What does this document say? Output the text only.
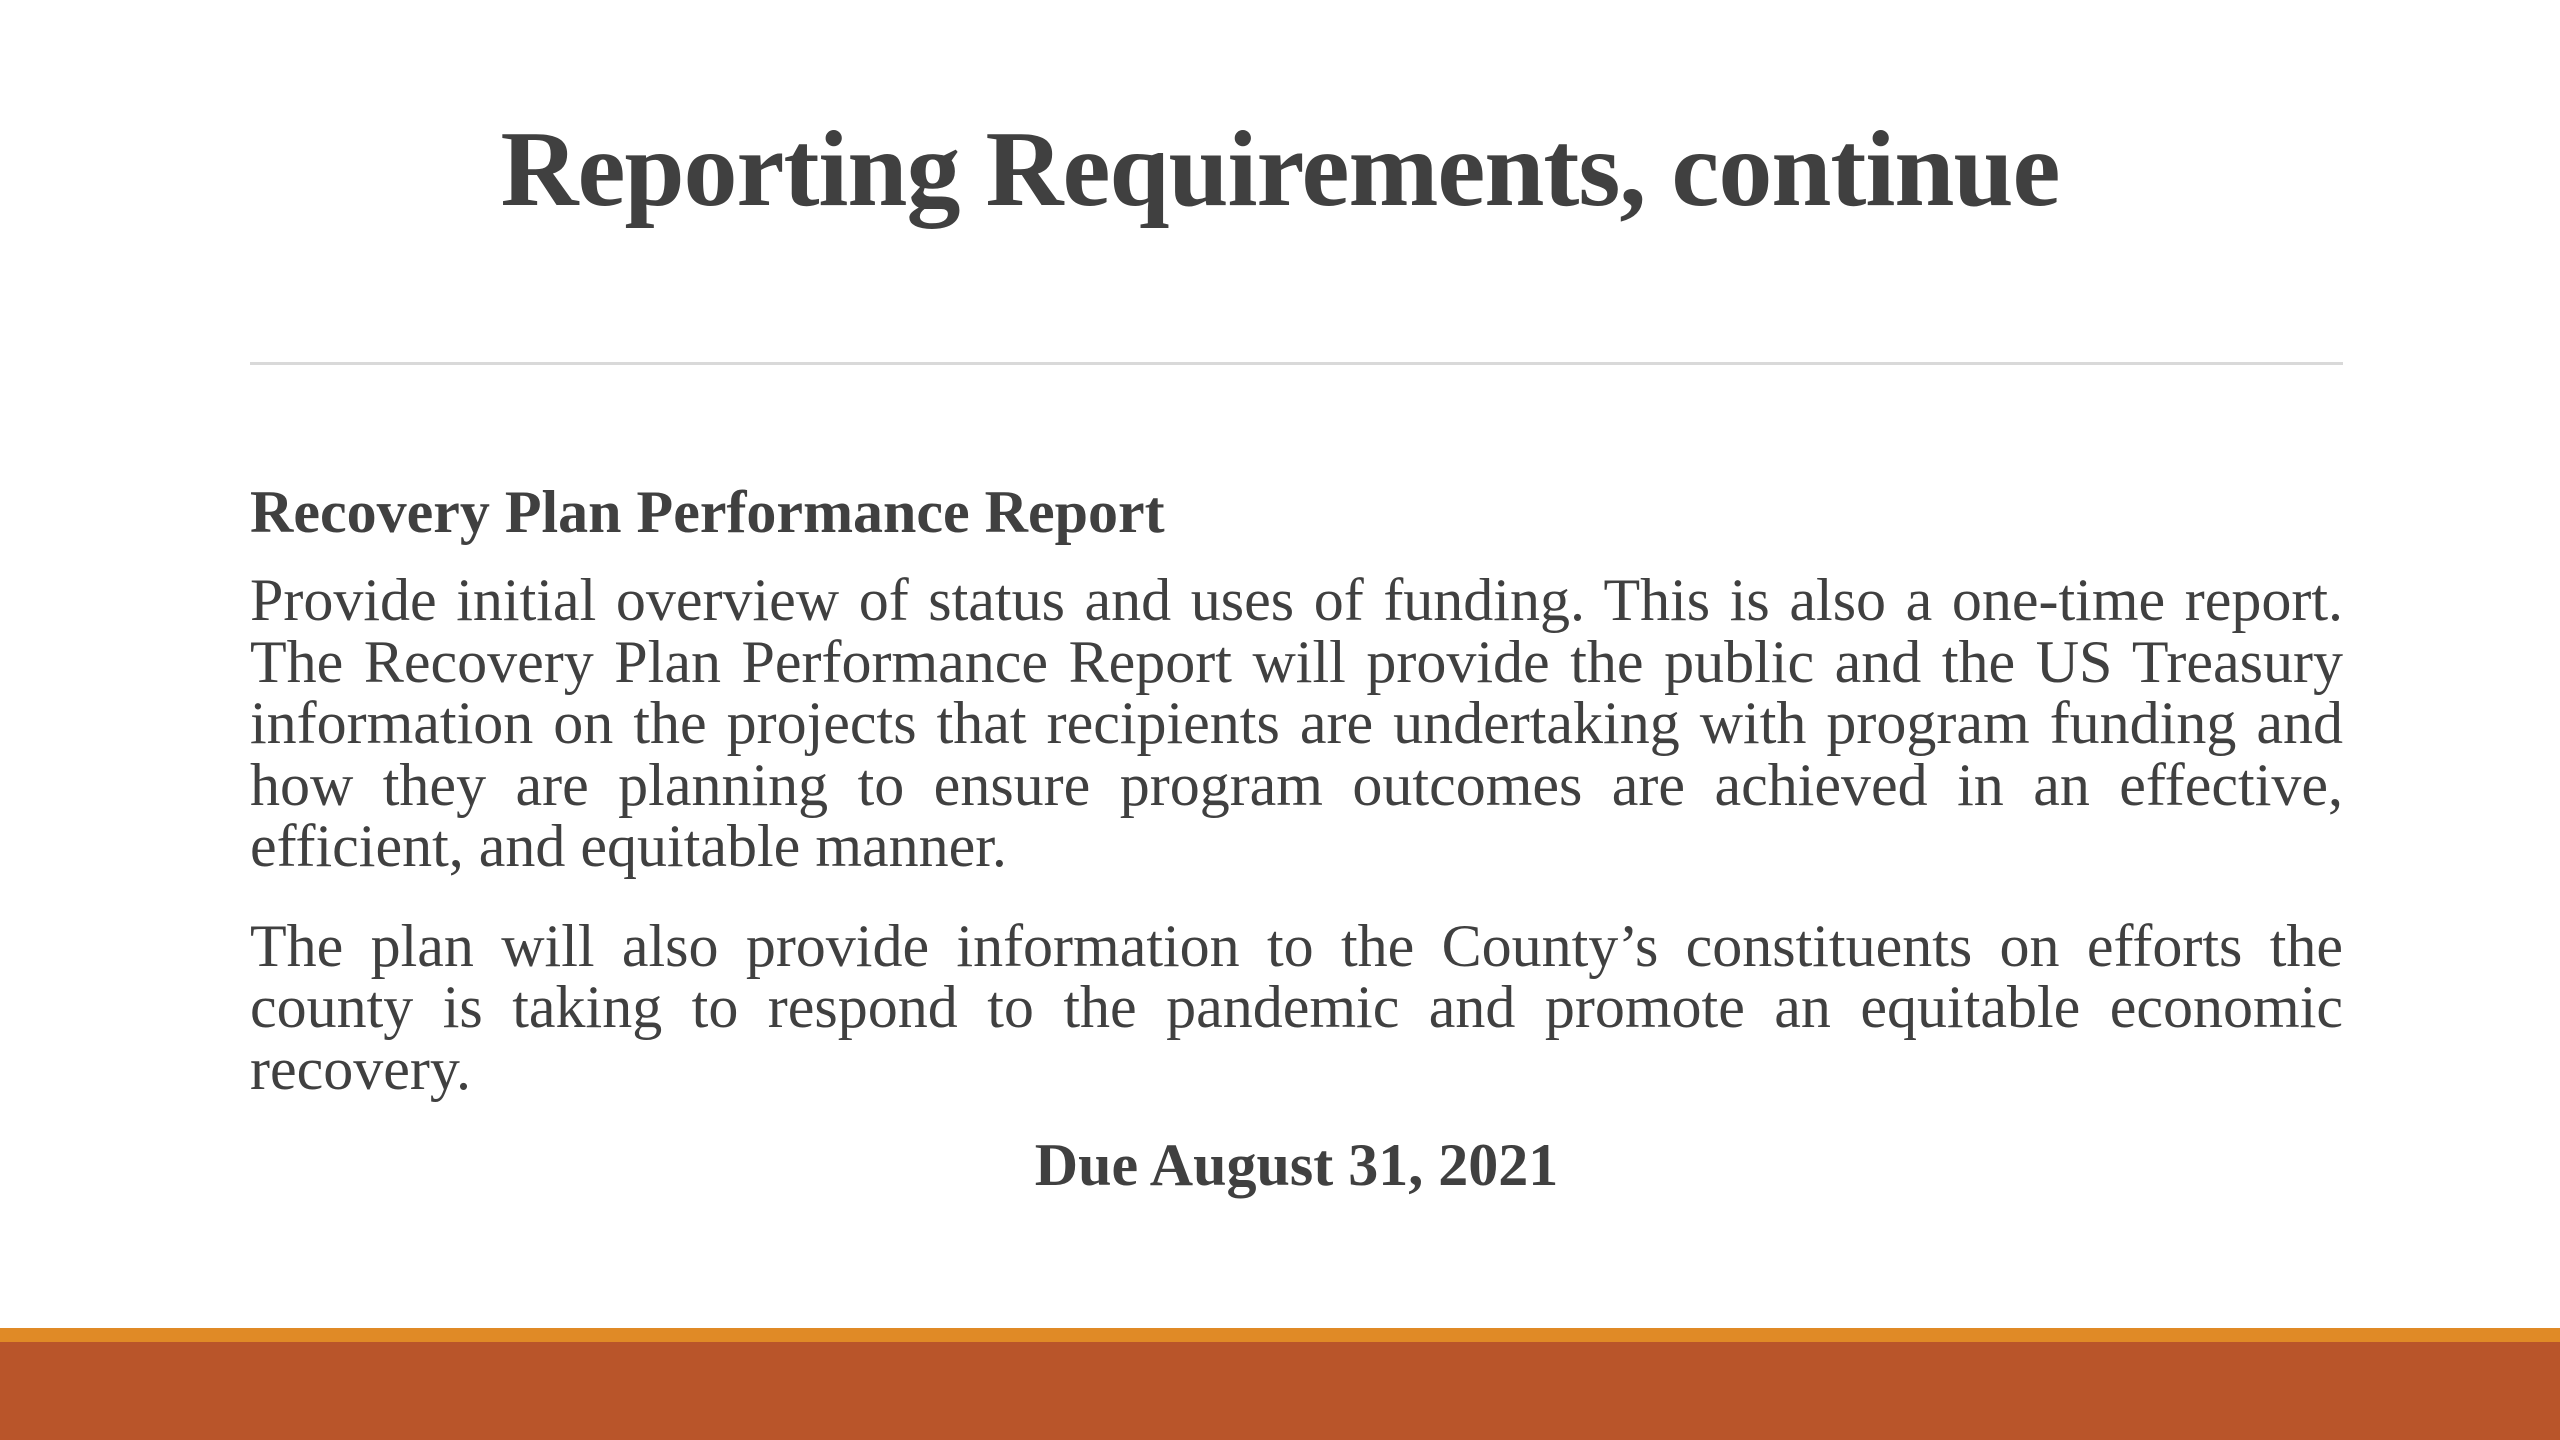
Reporting Requirements, continue

Recovery Plan Performance Report

Provide initial overview of status and uses of funding. This is also a one-time report. The Recovery Plan Performance Report will provide the public and the US Treasury information on the projects that recipients are undertaking with program funding and how they are planning to ensure program outcomes are achieved in an effective, efficient, and equitable manner.

The plan will also provide information to the County’s constituents on efforts the county is taking to respond to the pandemic and promote an equitable economic recovery.

Due August 31, 2021
